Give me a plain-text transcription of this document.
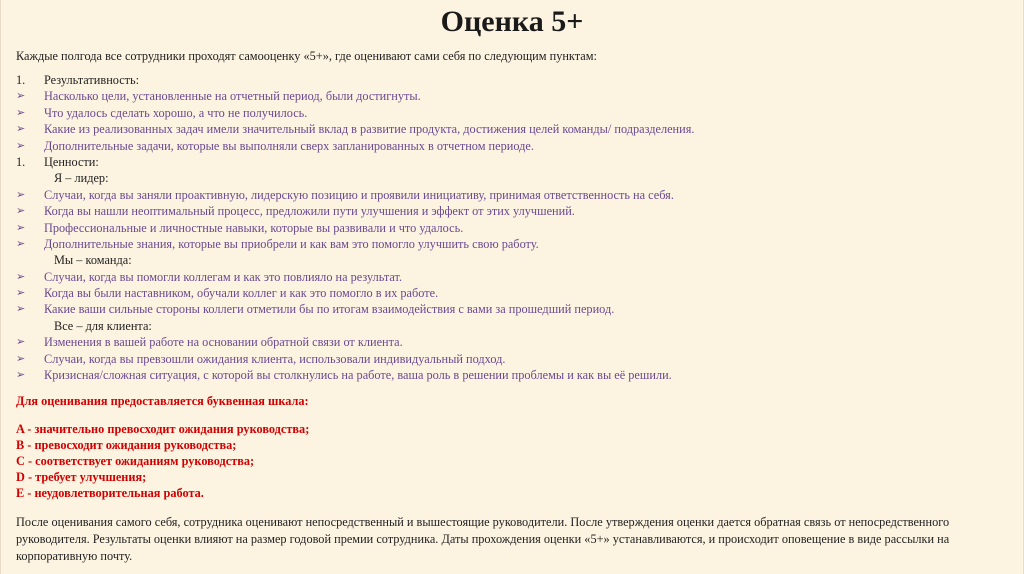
Оценка 5+
Каждые полгода все сотрудники проходят самооценку «5+», где оценивают сами себя по следующим пунктам:
1. Результативность:
➢ Насколько цели, установленные на отчетный период, были достигнуты.
➢ Что удалось сделать хорошо, а что не получилось.
➢ Какие из реализованных задач имели значительный вклад в развитие продукта, достижения целей команды/ подразделения.
➢ Дополнительные задачи, которые вы выполняли сверх запланированных в отчетном периоде.
1. Ценности:
Я – лидер:
➢ Случаи, когда вы заняли проактивную, лидерскую позицию и проявили инициативу, принимая ответственность на себя.
➢ Когда вы нашли неоптимальный процесс, предложили пути улучшения и эффект от этих улучшений.
➢ Профессиональные и личностные навыки, которые вы развивали и что удалось.
➢ Дополнительные знания, которые вы приобрели и как вам это помогло улучшить свою работу.
Мы – команда:
➢ Случаи, когда вы помогли коллегам и как это повлияло на результат.
➢ Когда вы были наставником, обучали коллег и как это помогло в их работе.
➢ Какие ваши сильные стороны коллеги отметили бы по итогам взаимодействия с вами за прошедший период.
Все – для клиента:
➢ Изменения в вашей работе на основании обратной связи от клиента.
➢ Случаи, когда вы превзошли ожидания клиента, использовали индивидуальный подход.
➢ Кризисная/сложная ситуация, с которой вы столкнулись на работе, ваша роль в решении проблемы и как вы её решили.
Для оценивания предоставляется буквенная шкала:
A - значительно превосходит ожидания руководства;
B - превосходит ожидания руководства;
C - соответствует ожиданиям руководства;
D - требует улучшения;
E - неудовлетворительная работа.
После оценивания самого себя, сотрудника оценивают непосредственный и вышестоящие руководители. После утверждения оценки дается обратная связь от непосредственного руководителя. Результаты оценки влияют на размер годовой премии сотрудника. Даты прохождения оценки «5+» устанавливаются, и происходит оповещение в виде рассылки на корпоративную почту.
